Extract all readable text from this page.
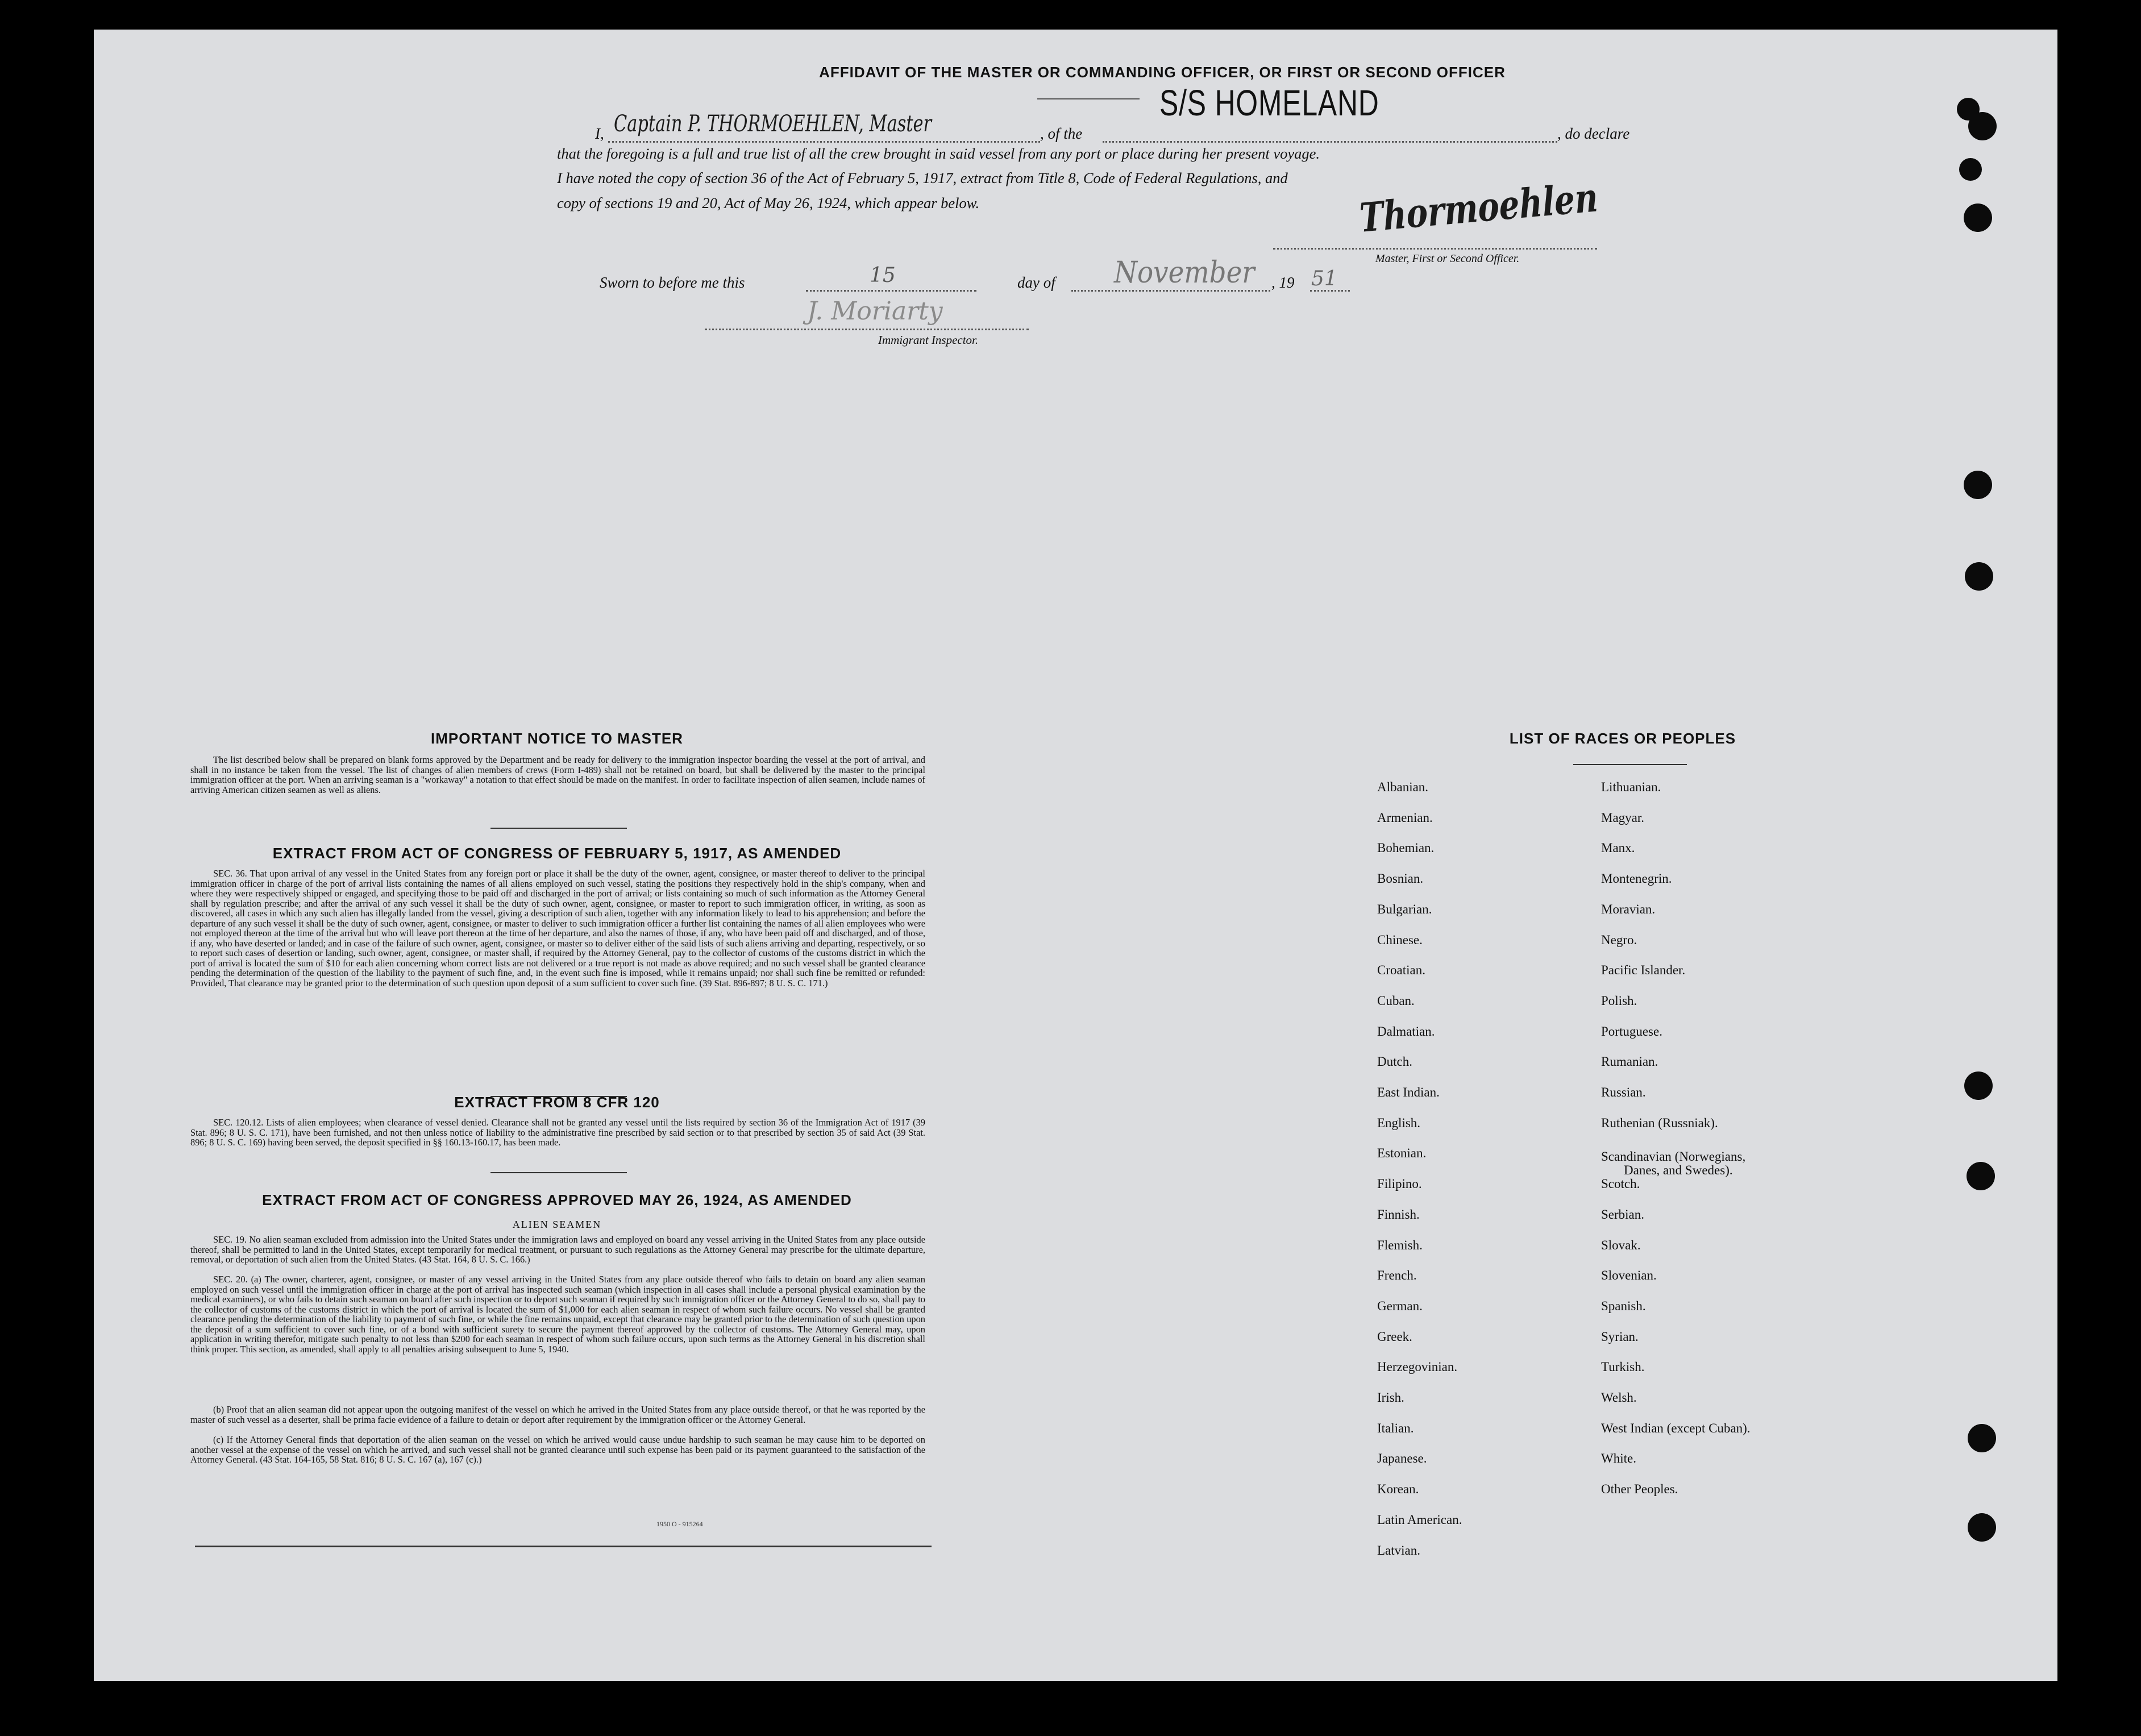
AFFIDAVIT OF THE MASTER OR COMMANDING OFFICER, OR FIRST OR SECOND OFFICER
S/S HOMELAND
I, Captain P. THORMOEHLEN, Master	, of the	, do declare
that the foregoing is a full and true list of all the crew brought in said vessel from any port or place during her present voyage.
I have noted the copy of section 36 of the Act of February 5, 1917, extract from Title 8, Code of Federal Regulations, and
copy of sections 19 and 20, Act of May 26, 1924, which appear below.	Thormoehlen
Master, First or Second Officer.
Sworn to before me this	15	day of November , 19 51
J. Moriarty
Immigrant Inspector.
IMPORTANT NOTICE TO MASTER
The list described below shall be prepared on blank forms approved by the Department and be ready for delivery to the immigration inspector boarding the vessel at the port of arrival, and shall in no instance be taken from the vessel. The list of changes of alien members of crews (Form I-489) shall not be retained on board, but shall be delivered by the master to the principal immigration officer at the port. When an arriving seaman is a "workaway" a notation to that effect should be made on the manifest. In order to facilitate inspection of alien seamen, include names of arriving American citizen seamen as well as aliens.
EXTRACT FROM ACT OF CONGRESS OF FEBRUARY 5, 1917, AS AMENDED
SEC. 36. That upon arrival of any vessel in the United States from any foreign port or place it shall be the duty of the owner, agent, consignee, or master thereof to deliver to the principal immigration officer in charge of the port of arrival lists containing the names of all aliens employed on such vessel, stating the positions they respectively hold in the ship's company, when and where they were respectively shipped or engaged, and specifying those to be paid off and discharged in the port of arrival; or lists containing so much of such information as the Attorney General shall by regulation prescribe; and after the arrival of any such vessel it shall be the duty of such owner, agent, consignee, or master to report to such immigration officer, in writing, as soon as discovered, all cases in which any such alien has illegally landed from the vessel, giving a description of such alien, together with any information likely to lead to his apprehension; and before the departure of any such vessel it shall be the duty of such owner, agent, consignee, or master to deliver to such immigration officer a further list containing the names of all alien employees who were not employed thereon at the time of the arrival but who will leave port thereon at the time of her departure, and also the names of those, if any, who have been paid off and discharged, and of those, if any, who have deserted or landed; and in case of the failure of such owner, agent, consignee, or master so to deliver either of the said lists of such aliens arriving and departing, respectively, or so to report such cases of desertion or landing, such owner, agent, consignee, or master shall, if required by the Attorney General, pay to the collector of customs of the customs district in which the port of arrival is located the sum of $10 for each alien concerning whom correct lists are not delivered or a true report is not made as above required; and no such vessel shall be granted clearance pending the determination of the question of the liability to the payment of such fine, and, in the event such fine is imposed, while it remains unpaid; nor shall such fine be remitted or refunded: Provided, That clearance may be granted prior to the determination of such question upon deposit of a sum sufficient to cover such fine. (39 Stat. 896-897; 8 U. S. C. 171.)
EXTRACT FROM 8 CFR 120
SEC. 120.12. Lists of alien employees; when clearance of vessel denied. Clearance shall not be granted any vessel until the lists required by section 36 of the Immigration Act of 1917 (39 Stat. 896; 8 U. S. C. 171), have been furnished, and not then unless notice of liability to the administrative fine prescribed by said section or to that prescribed by section 35 of said Act (39 Stat. 896; 8 U. S. C. 169) having been served, the deposit specified in §§ 160.13-160.17, has been made.
EXTRACT FROM ACT OF CONGRESS APPROVED MAY 26, 1924, AS AMENDED
ALIEN SEAMEN
SEC. 19. No alien seaman excluded from admission into the United States under the immigration laws and employed on board any vessel arriving in the United States from any place outside thereof, shall be permitted to land in the United States, except temporarily for medical treatment, or pursuant to such regulations as the Attorney General may prescribe for the ultimate departure, removal, or deportation of such alien from the United States. (43 Stat. 164, 8 U. S. C. 166.)
SEC. 20. (a) The owner, charterer, agent, consignee, or master of any vessel arriving in the United States from any place outside thereof who fails to detain on board any alien seaman employed on such vessel until the immigration officer in charge at the port of arrival has inspected such seaman (which inspection in all cases shall include a personal physical examination by the medical examiners), or who fails to detain such seaman on board after such inspection or to deport such seaman if required by such immigration officer or the Attorney General to do so, shall pay to the collector of customs of the customs district in which the port of arrival is located the sum of $1,000 for each alien seaman in respect of whom such failure occurs. No vessel shall be granted clearance pending the determination of the liability to payment of such fine, or while the fine remains unpaid, except that clearance may be granted prior to the determination of such question upon the deposit of a sum sufficient to cover such fine, or of a bond with sufficient surety to secure the payment thereof approved by the collector of customs. The Attorney General may, upon application in writing therefor, mitigate such penalty to not less than $200 for each seaman in respect of whom such failure occurs, upon such terms as the Attorney General in his discretion shall think proper. This section, as amended, shall apply to all penalties arising subsequent to June 5, 1940.
(b) Proof that an alien seaman did not appear upon the outgoing manifest of the vessel on which he arrived in the United States from any place outside thereof, or that he was reported by the master of such vessel as a deserter, shall be prima facie evidence of a failure to detain or deport after requirement by the immigration officer or the Attorney General.
(c) If the Attorney General finds that deportation of the alien seaman on the vessel on which he arrived would cause undue hardship to such seaman he may cause him to be deported on another vessel at the expense of the vessel on which he arrived, and such vessel shall not be granted clearance until such expense has been paid or its payment guaranteed to the satisfaction of the Attorney General. (43 Stat. 164-165, 58 Stat. 816; 8 U. S. C. 167 (a), 167 (c).)
1950 O - 915264
LIST OF RACES OR PEOPLES
Albanian.
Armenian.
Bohemian.
Bosnian.
Bulgarian.
Chinese.
Croatian.
Cuban.
Dalmatian.
Dutch.
East Indian.
English.
Estonian.
Filipino.
Finnish.
Flemish.
French.
German.
Greek.
Herzegovinian.
Irish.
Italian.
Japanese.
Korean.
Latin American.
Latvian.
Lithuanian.
Magyar.
Manx.
Montenegrin.
Moravian.
Negro.
Pacific Islander.
Polish.
Portuguese.
Rumanian.
Russian.
Ruthenian (Russniak).
Scandinavian (Norwegians,
Danes, and Swedes).
Scotch.
Serbian.
Slovak.
Slovenian.
Spanish.
Syrian.
Turkish.
Welsh.
West Indian (except Cuban).
White.
Other Peoples.
